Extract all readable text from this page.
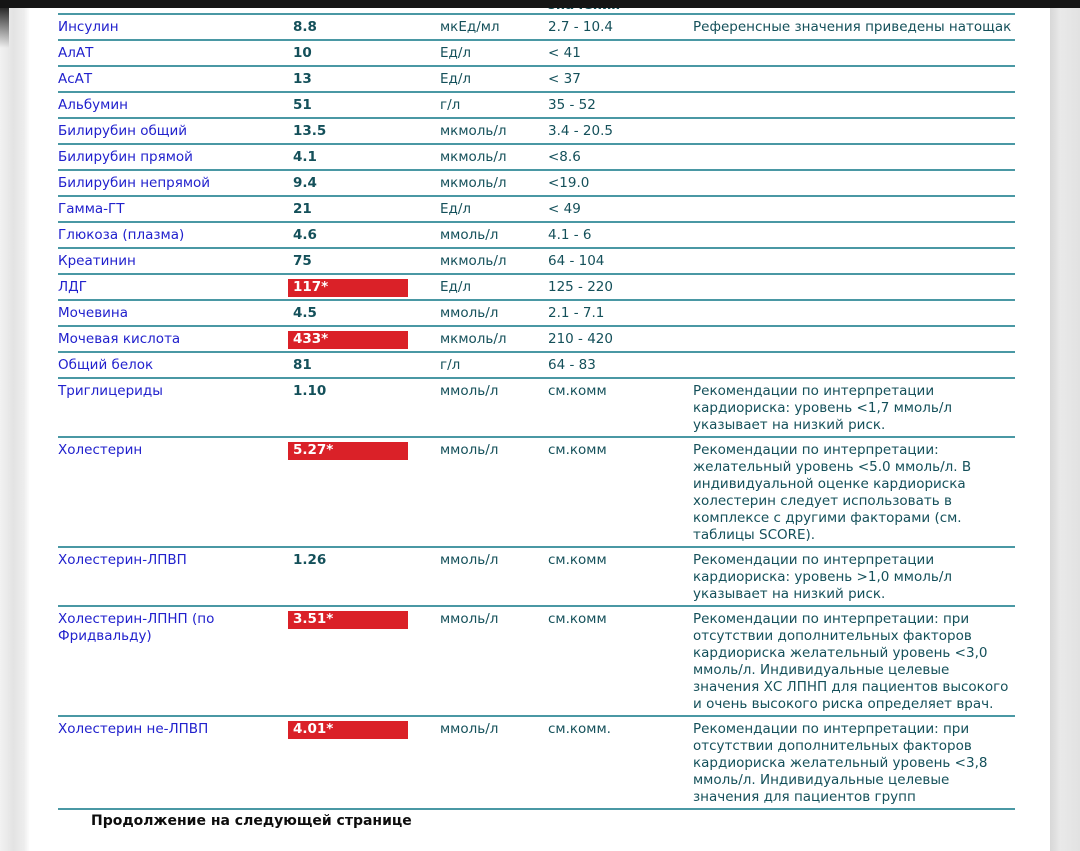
Инсулин	8.8	мкЕд/мл	2.7 - 10.4	Референсные значения приведены натощак
АлАТ	10	Ед/л	< 41	
АсАТ	13	Ед/л	< 37	
Альбумин	51	г/л	35 - 52	
Билирубин общий	13.5	мкмоль/л	3.4 - 20.5	
Билирубин прямой	4.1	мкмоль/л	<8.6	
Билирубин непрямой	9.4	мкмоль/л	<19.0	
Гамма-ГТ	21	Ед/л	< 49	
Глюкоза (плазма)	4.6	ммоль/л	4.1 - 6	
Креатинин	75	мкмоль/л	64 - 104	
ЛДГ	117*	Ед/л	125 - 220	
Мочевина	4.5	ммоль/л	2.1 - 7.1	
Мочевая кислота	433*	мкмоль/л	210 - 420	
Общий белок	81	г/л	64 - 83	
Триглицериды	1.10	ммоль/л	см.комм	Рекомендации по интерпретации кардиориска: уровень <1,7 ммоль/л указывает на низкий риск.
Холестерин	5.27*	ммоль/л	см.комм	Рекомендации по интерпретации: желательный уровень <5.0 ммоль/л. В индивидуальной оценке кардиориска холестерин следует использовать в комплексе с другими факторами (см. таблицы SCORE).
Холестерин-ЛПВП	1.26	ммоль/л	см.комм	Рекомендации по интерпретации кардиориска: уровень >1,0 ммоль/л указывает на низкий риск.
Холестерин-ЛПНП (по Фридвальду)	3.51*	ммоль/л	см.комм	Рекомендации по интерпретации: при отсутствии дополнительных факторов кардиориска желательный уровень <3,0 ммоль/л. Индивидуальные целевые значения ХС ЛПНП для пациентов высокого и очень высокого риска определяет врач.
Холестерин не-ЛПВП	4.01*	ммоль/л	см.комм.	Рекомендации по интерпретации: при отсутствии дополнительных факторов кардиориска желательный уровень <3,8 ммоль/л. Индивидуальные целевые значения для пациентов групп
Продолжение на следующей странице
